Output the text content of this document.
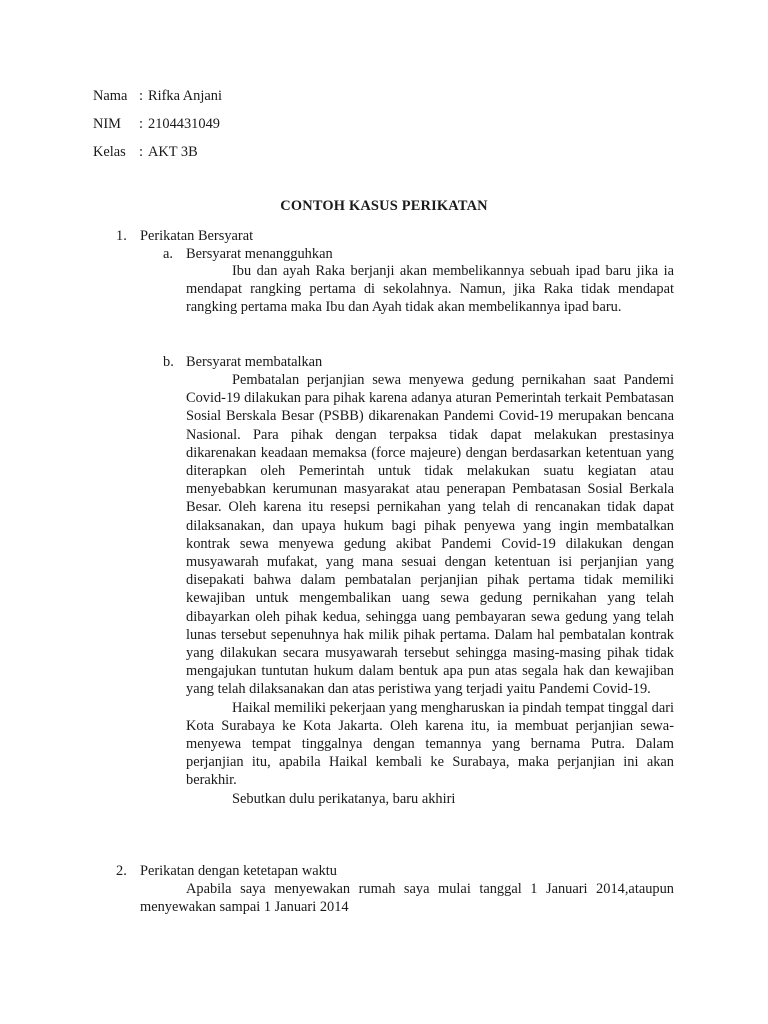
Nama : Rifka Anjani
NIM : 2104431049
Kelas : AKT 3B
CONTOH KASUS PERIKATAN
1. Perikatan Bersyarat
a. Bersyarat menangguhkan

Ibu dan ayah Raka berjanji akan membelikannya sebuah ipad baru jika ia mendapat rangking pertama di sekolahnya. Namun, jika Raka tidak mendapat rangking pertama maka Ibu dan Ayah tidak akan membelikannya ipad baru.

b. Bersyarat membatalkan

Pembatalan perjanjian sewa menyewa gedung pernikahan saat Pandemi Covid-19 dilakukan para pihak karena adanya aturan Pemerintah terkait Pembatasan Sosial Berskala Besar (PSBB) dikarenakan Pandemi Covid-19 merupakan bencana Nasional. Para pihak dengan terpaksa tidak dapat melakukan prestasinya dikarenakan keadaan memaksa (force majeure) dengan berdasarkan ketentuan yang diterapkan oleh Pemerintah untuk tidak melakukan suatu kegiatan atau menyebabkan kerumunan masyarakat atau penerapan Pembatasan Sosial Berkala Besar. Oleh karena itu resepsi pernikahan yang telah di rencanakan tidak dapat dilaksanakan, dan upaya hukum bagi pihak penyewa yang ingin membatalkan kontrak sewa menyewa gedung akibat Pandemi Covid-19 dilakukan dengan musyawarah mufakat, yang mana sesuai dengan ketentuan isi perjanjian yang disepakati bahwa dalam pembatalan perjanjian pihak pertama tidak memiliki kewajiban untuk mengembalikan uang sewa gedung pernikahan yang telah dibayarkan oleh pihak kedua, sehingga uang pembayaran sewa gedung yang telah lunas tersebut sepenuhnya hak milik pihak pertama. Dalam hal pembatalan kontrak yang dilakukan secara musyawarah tersebut sehingga masing-masing pihak tidak mengajukan tuntutan hukum dalam bentuk apa pun atas segala hak dan kewajiban yang telah dilaksanakan dan atas peristiwa yang terjadi yaitu Pandemi Covid-19.

Haikal memiliki pekerjaan yang mengharuskan ia pindah tempat tinggal dari Kota Surabaya ke Kota Jakarta. Oleh karena itu, ia membuat perjanjian sewa-menyewa tempat tinggalnya dengan temannya yang bernama Putra. Dalam perjanjian itu, apabila Haikal kembali ke Surabaya, maka perjanjian ini akan berakhir.

Sebutkan dulu perikatanya, baru akhiri

2. Perikatan dengan ketetapan waktu

Apabila saya menyewakan rumah saya mulai tanggal 1 Januari 2014,ataupun menyewakan sampai 1 Januari 2014
